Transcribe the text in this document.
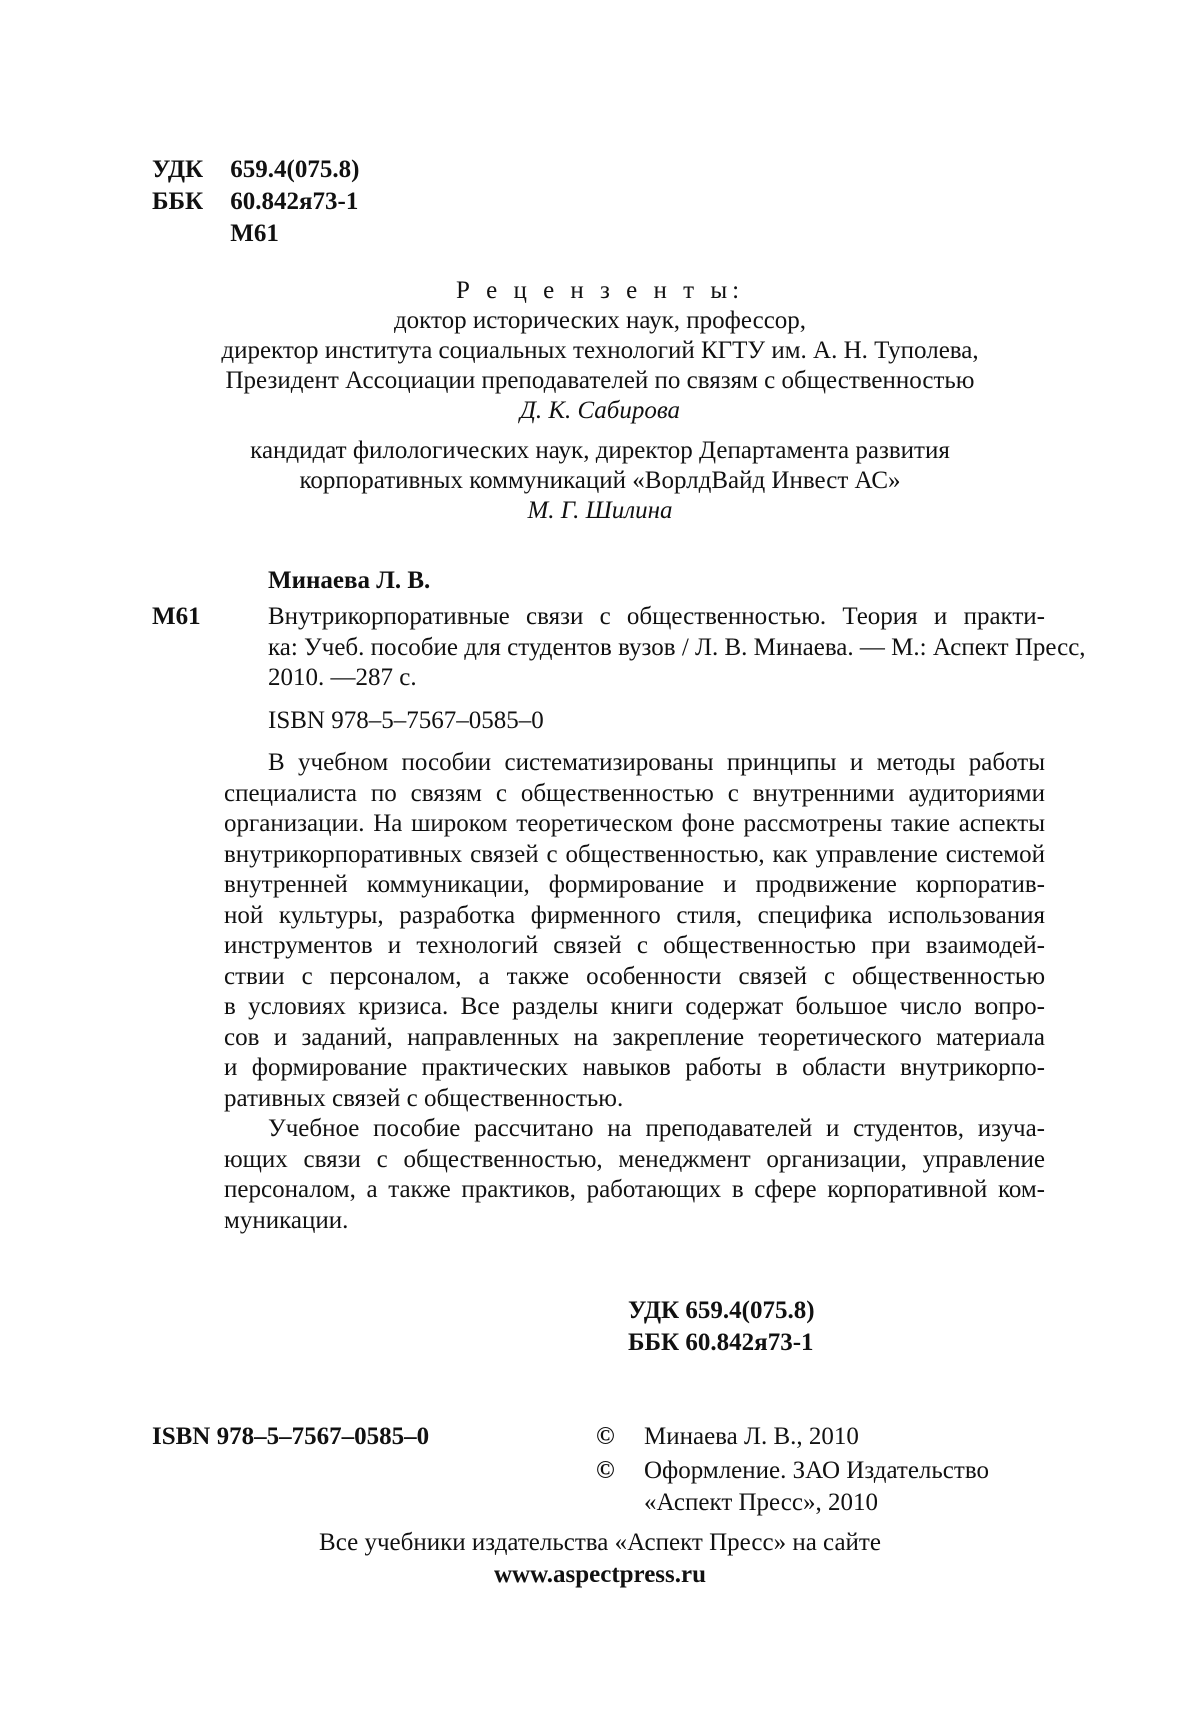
УДК 659.4(075.8)
ББК 60.842я73-1
М61
Р е ц е н з е н т ы:
доктор исторических наук, профессор,
директор института социальных технологий КГТУ им. А. Н. Туполева,
Президент Ассоциации преподавателей по связям с общественностью
Д. К. Сабирова
кандидат филологических наук, директор Департамента развития
корпоративных коммуникаций «ВорлдВайд Инвест АС»
М. Г. Шилина
Минаева Л. В.
М61	Внутрикорпоративные связи с общественностью. Теория и практи-
ка: Учеб. пособие для студентов вузов / Л. В. Минаева. — М.: Аспект Пресс,
2010. —287 с.
ISBN 978–5–7567–0585–0
В учебном пособии систематизированы принципы и методы работы
специалиста по связям с общественностью с внутренними аудиториями
организации. На широком теоретическом фоне рассмотрены такие аспекты
внутрикорпоративных связей с общественностью, как управление системой
внутренней коммуникации, формирование и продвижение корпоратив-
ной культуры, разработка фирменного стиля, специфика использования
инструментов и технологий связей с общественностью при взаимодей-
ствии с персоналом, а также особенности связей с общественностью
в условиях кризиса. Все разделы книги содержат большое число вопро-
сов и заданий, направленных на закрепление теоретического материала
и формирование практических навыков работы в области внутрикорпо-
ративных связей с общественностью.
Учебное пособие рассчитано на преподавателей и студентов, изуча-
ющих связи с общественностью, менеджмент организации, управление
персоналом, а также практиков, работающих в сфере корпоративной ком-
муникации.
УДК 659.4(075.8)
ББК 60.842я73-1
ISBN 978–5–7567–0585–0	© Минаева Л. В., 2010
© Оформление. ЗАО Издательство
«Аспект Пресс», 2010
Все учебники издательства «Аспект Пресс» на сайте
www.aspectpress.ru
